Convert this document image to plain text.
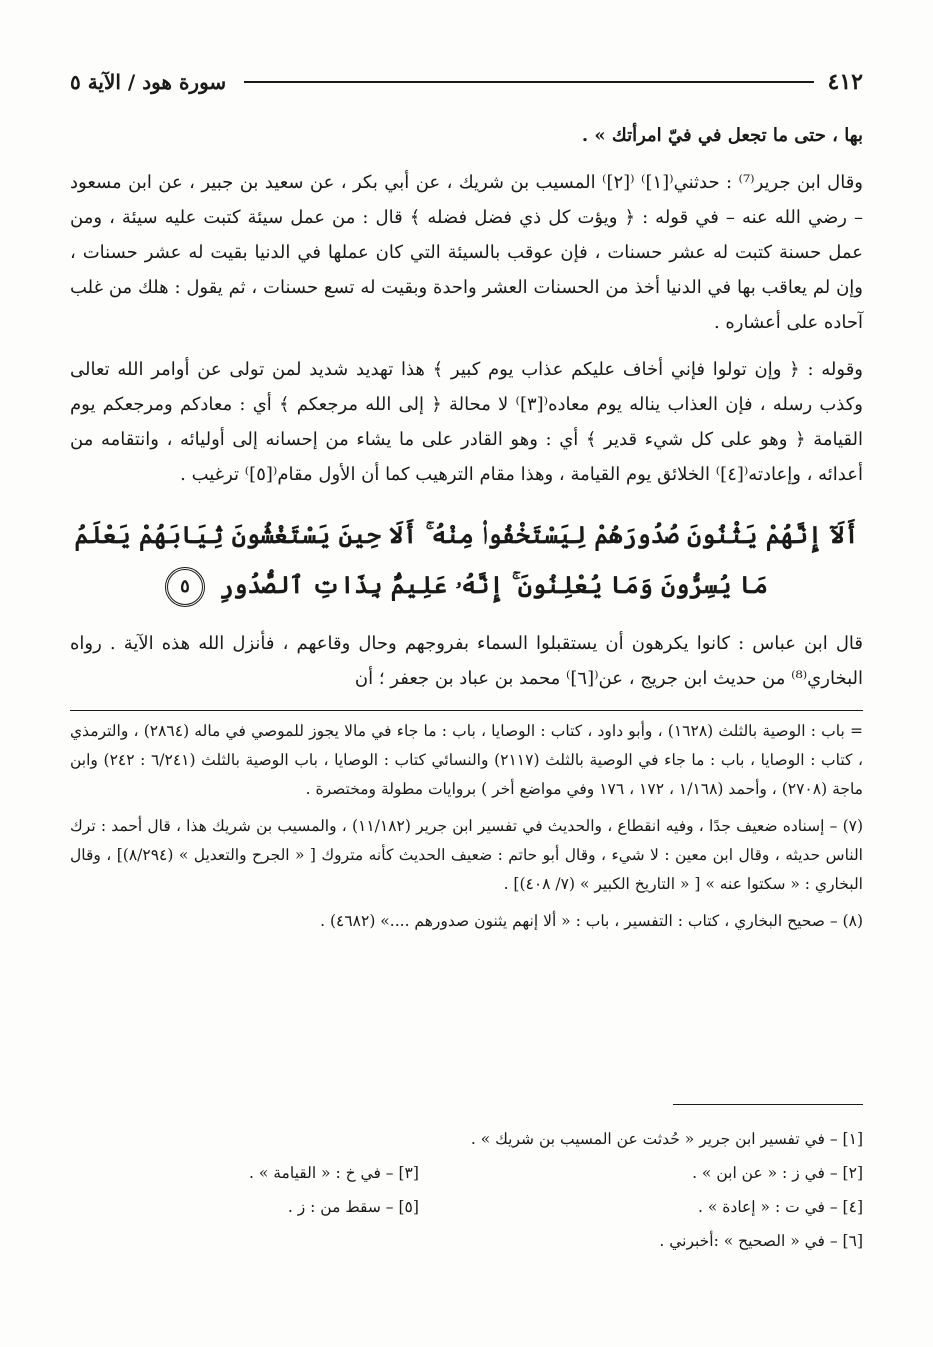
٤١٢
سورة هود / الآية ٥

بها ، حتى ما تجعل في فيّ امرأتك » .

وقال ابن جرير⁽⁷⁾ : حدثني⁽[١]⁾ ⁽[٢]⁾ المسيب بن شريك ، عن أبي بكر ، عن سعيد بن جبير ، عن ابن مسعود – رضي الله عنه – في قوله : ﴿ ويؤت كل ذي فضل فضله ﴾ قال : من عمل سيئة كتبت عليه سيئة ، ومن عمل حسنة كتبت له عشر حسنات ، فإن عوقب بالسيئة التي كان عملها في الدنيا بقيت له عشر حسنات ، وإن لم يعاقب بها في الدنيا أخذ من الحسنات العشر واحدة وبقيت له تسع حسنات ، ثم يقول : هلك من غلب آحاده على أعشاره .

وقوله : ﴿ وإن تولوا فإني أخاف عليكم عذاب يوم كبير ﴾ هذا تهديد شديد لمن تولى عن أوامر الله تعالى وكذب رسله ، فإن العذاب يناله يوم معاده⁽[٣]⁾ لا محالة ﴿ إلى الله مرجعكم ﴾ أي : معادكم ومرجعكم يوم القيامة ﴿ وهو على كل شيء قدير ﴾ أي : وهو القادر على ما يشاء من إحسانه إلى أوليائه ، وانتقامه من أعدائه ، وإعادته⁽[٤]⁾ الخلائق يوم القيامة ، وهذا مقام الترهيب كما أن الأول مقام⁽[٥]⁾ ترغيب .

أَلَآ إِنَّهُمْ يَثْنُونَ صُدُورَهُمْ لِيَسْتَخْفُوا۟ مِنْهُ ۚ أَلَا حِينَ يَسْتَغْشُونَ ثِيَابَهُمْ يَعْلَمُ مَا يُسِرُّونَ وَمَا يُعْلِنُونَ ۚ إِنَّهُۥ عَلِيمٌۢ بِذَاتِ ٱلصُّدُورِ ٥

قال ابن عباس : كانوا يكرهون أن يستقبلوا السماء بفروجهم وحال وقاعهم ، فأنزل الله هذه الآية . رواه البخاري⁽⁸⁾ من حديث ابن جريج ، عن⁽[٦]⁾ محمد بن عباد بن جعفر ؛ أن

= باب : الوصية بالثلث (١٦٢٨) ، وأبو داود ، كتاب : الوصايا ، باب : ما جاء في مالا يجوز للموصي في ماله (٢٨٦٤) ، والترمذي ، كتاب : الوصايا ، باب : ما جاء في الوصية بالثلث (٢١١٧) والنسائي كتاب : الوصايا ، باب الوصية بالثلث (٦/٢٤١ : ٢٤٢) وابن ماجة (٢٧٠٨) ، وأحمد (١/١٦٨ ، ١٧٢ ، ١٧٦ وفي مواضع أخر ) بروايات مطولة ومختصرة .

(٧) – إسناده ضعيف جدًا ، وفيه انقطاع ، والحديث في تفسير ابن جرير (١١/١٨٢) ، والمسيب بن شريك هذا ، قال أحمد : ترك الناس حديثه ، وقال ابن معين : لا شيء ، وقال أبو حاتم : ضعيف الحديث كأنه متروك [ « الجرح والتعديل » (٨/٢٩٤)] ، وقال البخاري : « سكتوا عنه » [ « التاريخ الكبير » (٧/ ٤٠٨)] .

(٨) – صحيح البخاري ، كتاب : التفسير ، باب : « ألا إنهم يثنون صدورهم ....» (٤٦٨٢) .

[١] – في تفسير ابن جرير « حُدثت عن المسيب بن شريك » .
[٢] – في ز : « عن ابن » .
[٣] – في خ : « القيامة » .
[٤] – في ت : « إعادة » .
[٥] – سقط من : ز .
[٦] – في « الصحيح » :أخبرني .
